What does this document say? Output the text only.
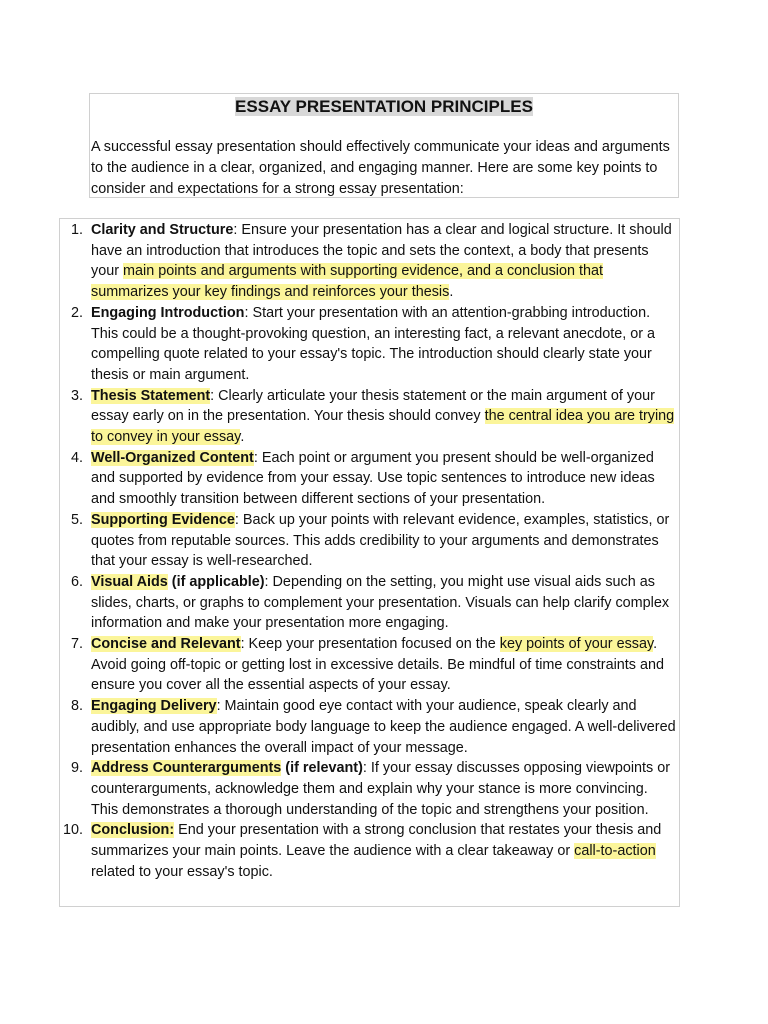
ESSAY PRESENTATION PRINCIPLES

A successful essay presentation should effectively communicate your ideas and arguments to the audience in a clear, organized, and engaging manner. Here are some key points to consider and expectations for a strong essay presentation:

1. Clarity and Structure: Ensure your presentation has a clear and logical structure. It should have an introduction that introduces the topic and sets the context, a body that presents your main points and arguments with supporting evidence, and a conclusion that summarizes your key findings and reinforces your thesis.
2. Engaging Introduction: Start your presentation with an attention-grabbing introduction. This could be a thought-provoking question, an interesting fact, a relevant anecdote, or a compelling quote related to your essay's topic. The introduction should clearly state your thesis or main argument.
3. Thesis Statement: Clearly articulate your thesis statement or the main argument of your essay early on in the presentation. Your thesis should convey the central idea you are trying to convey in your essay.
4. Well-Organized Content: Each point or argument you present should be well-organized and supported by evidence from your essay. Use topic sentences to introduce new ideas and smoothly transition between different sections of your presentation.
5. Supporting Evidence: Back up your points with relevant evidence, examples, statistics, or quotes from reputable sources. This adds credibility to your arguments and demonstrates that your essay is well-researched.
6. Visual Aids (if applicable): Depending on the setting, you might use visual aids such as slides, charts, or graphs to complement your presentation. Visuals can help clarify complex information and make your presentation more engaging.
7. Concise and Relevant: Keep your presentation focused on the key points of your essay. Avoid going off-topic or getting lost in excessive details. Be mindful of time constraints and ensure you cover all the essential aspects of your essay.
8. Engaging Delivery: Maintain good eye contact with your audience, speak clearly and audibly, and use appropriate body language to keep the audience engaged. A well-delivered presentation enhances the overall impact of your message.
9. Address Counterarguments (if relevant): If your essay discusses opposing viewpoints or counterarguments, acknowledge them and explain why your stance is more convincing. This demonstrates a thorough understanding of the topic and strengthens your position.
10. Conclusion: End your presentation with a strong conclusion that restates your thesis and summarizes your main points. Leave the audience with a clear takeaway or call-to-action related to your essay's topic.
